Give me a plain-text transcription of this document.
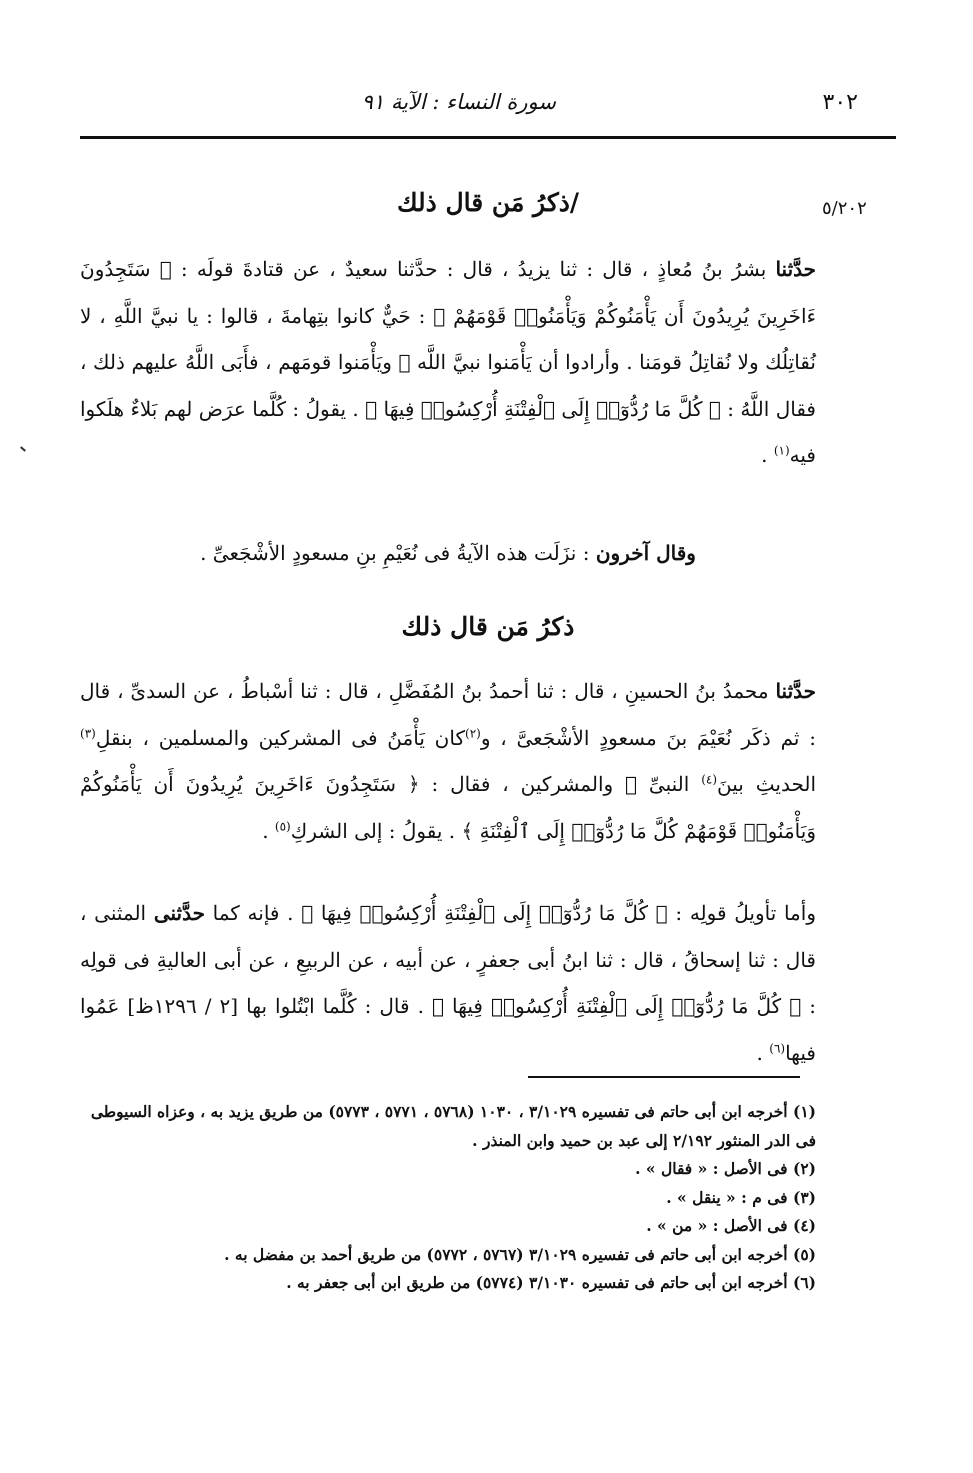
٣٠٢
سورة النساء : الآية ٩١
٥/٢٠٢
/ذكرُ مَن قال ذلك

حدَّثنا بشرُ بنُ مُعاذٍ ، قال : ثنا يزيدُ ، قال : حدَّثنا سعيدٌ ، عن قتادةَ قولَه : ﴿ سَتَجِدُونَ ءَاخَرِينَ يُرِيدُونَ أَن يَأْمَنُوكُمْ وَيَأْمَنُوا۟ قَوْمَهُمْ ﴾ : حَيٌّ كانوا بتِهامةَ ، قالوا : يا نبيَّ اللَّهِ ، لا نُقاتِلُك ولا نُقاتِلُ قومَنا . وأرادوا أن يَأْمَنوا نبيَّ اللَّه ﷺ ويَأْمَنوا قومَهم ، فأَبَى اللَّهُ عليهم ذلك ، فقال اللَّهُ : ﴿ كُلَّ مَا رُدُّوٓا۟ إِلَى ٱلْفِتْنَةِ أُرْكِسُوا۟ فِيهَا ﴾ . يقولُ : كُلَّما عرَض لهم بَلاءٌ هلَكوا فيه$^{(١)}$ .

وقال آخرون : نزَلَت هذه الآيةُ فى نُعَيْمِ بنِ مسعودٍ الأشْجَعىِّ .

ذكرُ مَن قال ذلك

حدَّثنا محمدُ بنُ الحسينِ ، قال : ثنا أحمدُ بنُ المُفَضَّلِ ، قال : ثنا أسْباطُ ، عن السدىِّ ، قال : ثم ذكَر نُعَيْمَ بنَ مسعودٍ الأشْجَعىَّ ، و$^{(٢)}$كان يَأْمَنُ فى المشركين والمسلمين ، بنقلِ$^{(٣)}$ الحديثِ بينَ$^{(٤)}$ النبىِّ ﷺ والمشركين ، فقال : ﴿ سَتَجِدُونَ ءَاخَرِينَ يُرِيدُونَ أَن يَأْمَنُوكُمْ وَيَأْمَنُوا۟ قَوْمَهُمْ كُلَّ مَا رُدُّوٓا۟ إِلَى ٱلْفِتْنَةِ ﴾ . يقولُ : إلى الشركِ$^{(٥)}$ .

وأما تأويلُ قولِه : ﴿ كُلَّ مَا رُدُّوٓا۟ إِلَى ٱلْفِتْنَةِ أُرْكِسُوا۟ فِيهَا ﴾ . فإنه كما حدَّثنى المثنى ، قال : ثنا إسحاقُ ، قال : ثنا ابنُ أبى جعفرٍ ، عن أبيه ، عن الربيعِ ، عن أبى العاليةِ فى قولِه : ﴿ كُلَّ مَا رُدُّوٓا۟ إِلَى ٱلْفِتْنَةِ أُرْكِسُوا۟ فِيهَا ﴾ . قال : كُلَّما ابْتُلوا بها [٢ / ١٢٩٦ظ] عَمُوا فيها$^{(٦)}$ .

(١) أخرجه ابن أبى حاتم فى تفسيره ٣/١٠٢٩ ، ١٠٣٠ (٥٧٦٨ ، ٥٧٧١ ، ٥٧٧٣) من طريق يزيد به ، وعزاه السيوطى فى الدر المنثور ٢/١٩٢ إلى عبد بن حميد وابن المنذر .

(٢) فى الأصل : « فقال » .

(٣) فى م : « ينقل » .

(٤) فى الأصل : « من » .

(٥) أخرجه ابن أبى حاتم فى تفسيره ٣/١٠٢٩ (٥٧٦٧ ، ٥٧٧٢) من طريق أحمد بن مفضل به .

(٦) أخرجه ابن أبى حاتم فى تفسيره ٣/١٠٣٠ (٥٧٧٤) من طريق ابن أبى جعفر به .
